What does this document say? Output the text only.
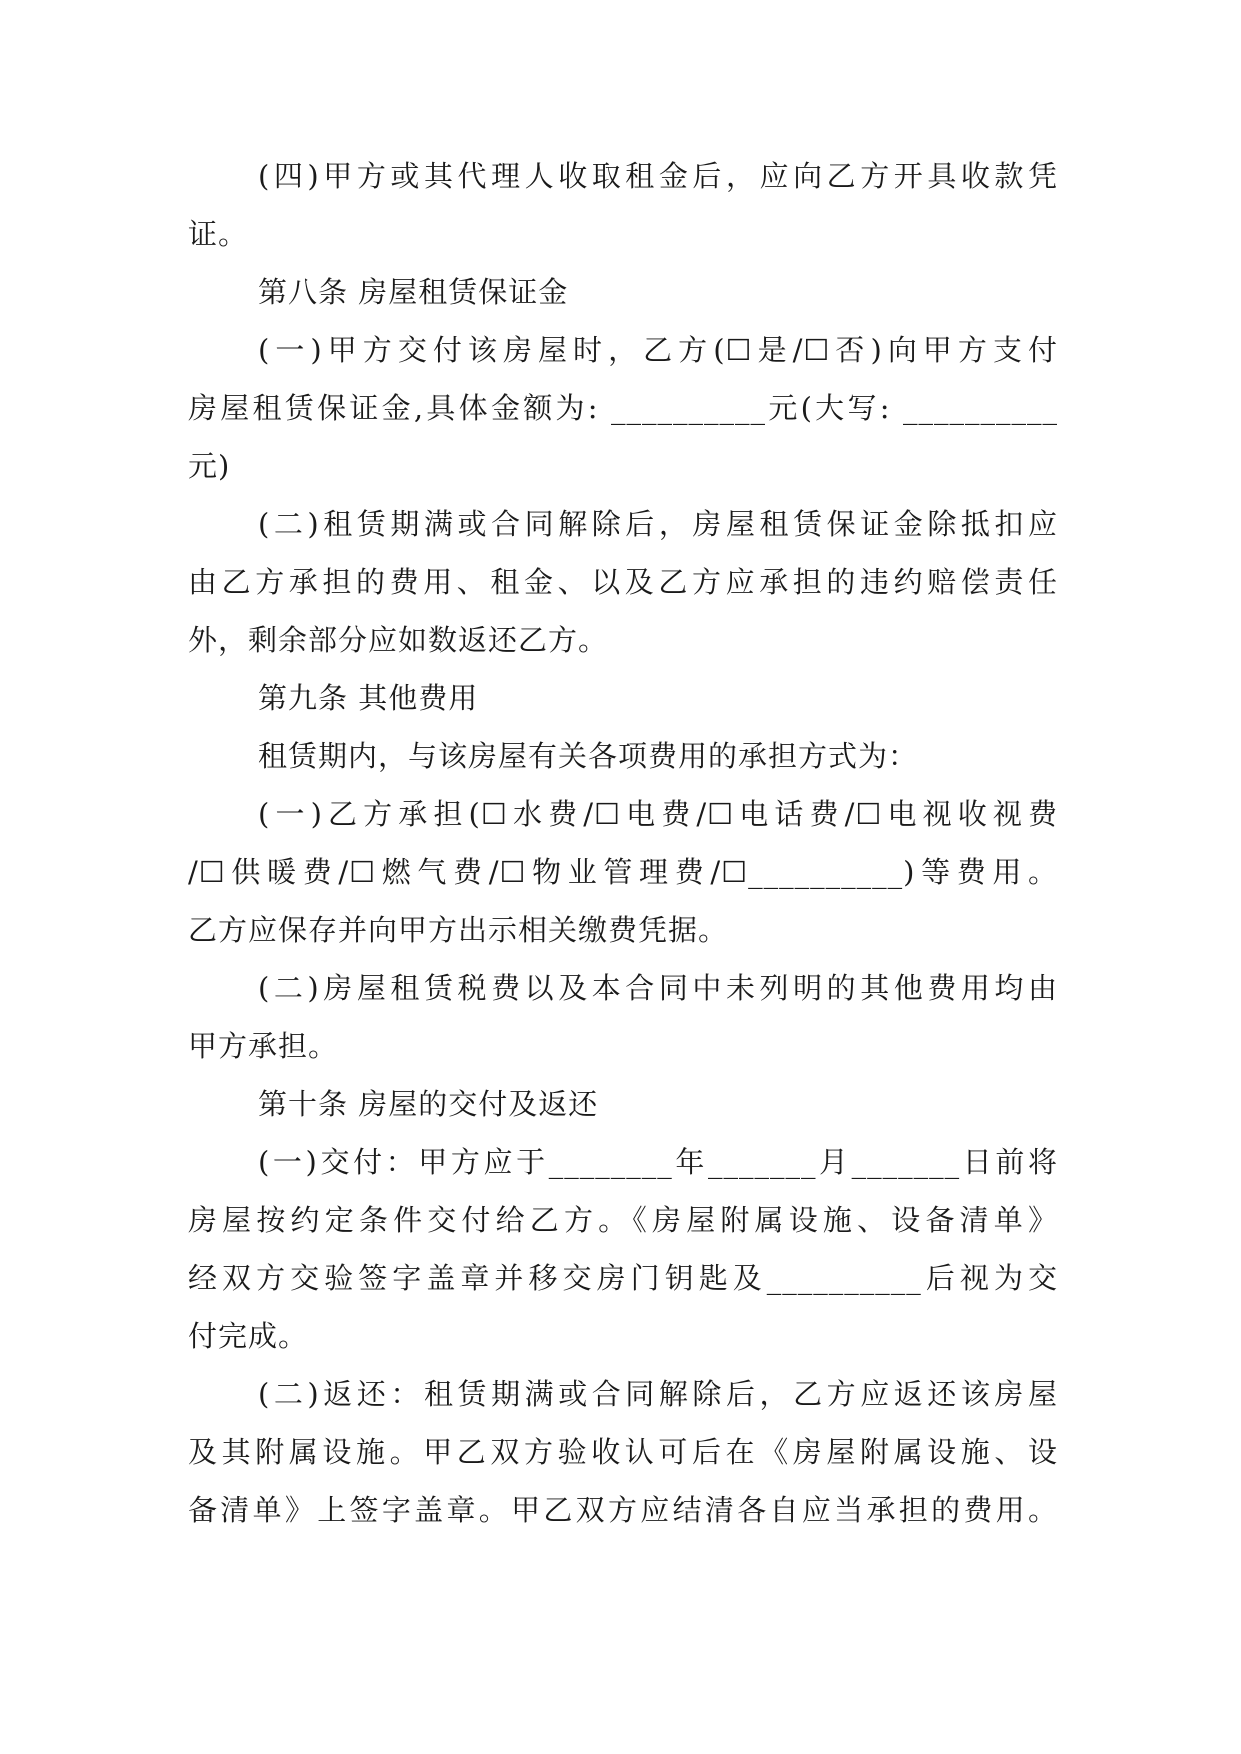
(四)甲方或其代理人收取租金后，应向乙方开具收款凭
证。
第八条 房屋租赁保证金
(一)甲方交付该房屋时，乙方(☐是/☐否)向甲方支付
房屋租赁保证金,具体金额为: __________元(大写: __________
元)
(二)租赁期满或合同解除后，房屋租赁保证金除抵扣应
由乙方承担的费用、租金、以及乙方应承担的违约赔偿责任
外，剩余部分应如数返还乙方。
第九条 其他费用
租赁期内，与该房屋有关各项费用的承担方式为：
(一)乙方承担(☐水费/☐电费/☐电话费/☐电视收视费
/☐供暖费/☐燃气费/☐物业管理费/☐__________)等费用。
乙方应保存并向甲方出示相关缴费凭据。
(二)房屋租赁税费以及本合同中未列明的其他费用均由
甲方承担。
第十条 房屋的交付及返还
(一)交付：甲方应于________年_______月_______日前将
房屋按约定条件交付给乙方。《房屋附属设施、设备清单》
经双方交验签字盖章并移交房门钥匙及__________后视为交
付完成。
(二)返还：租赁期满或合同解除后，乙方应返还该房屋
及其附属设施。甲乙双方验收认可后在《房屋附属设施、设
备清单》上签字盖章。甲乙双方应结清各自应当承担的费用。
